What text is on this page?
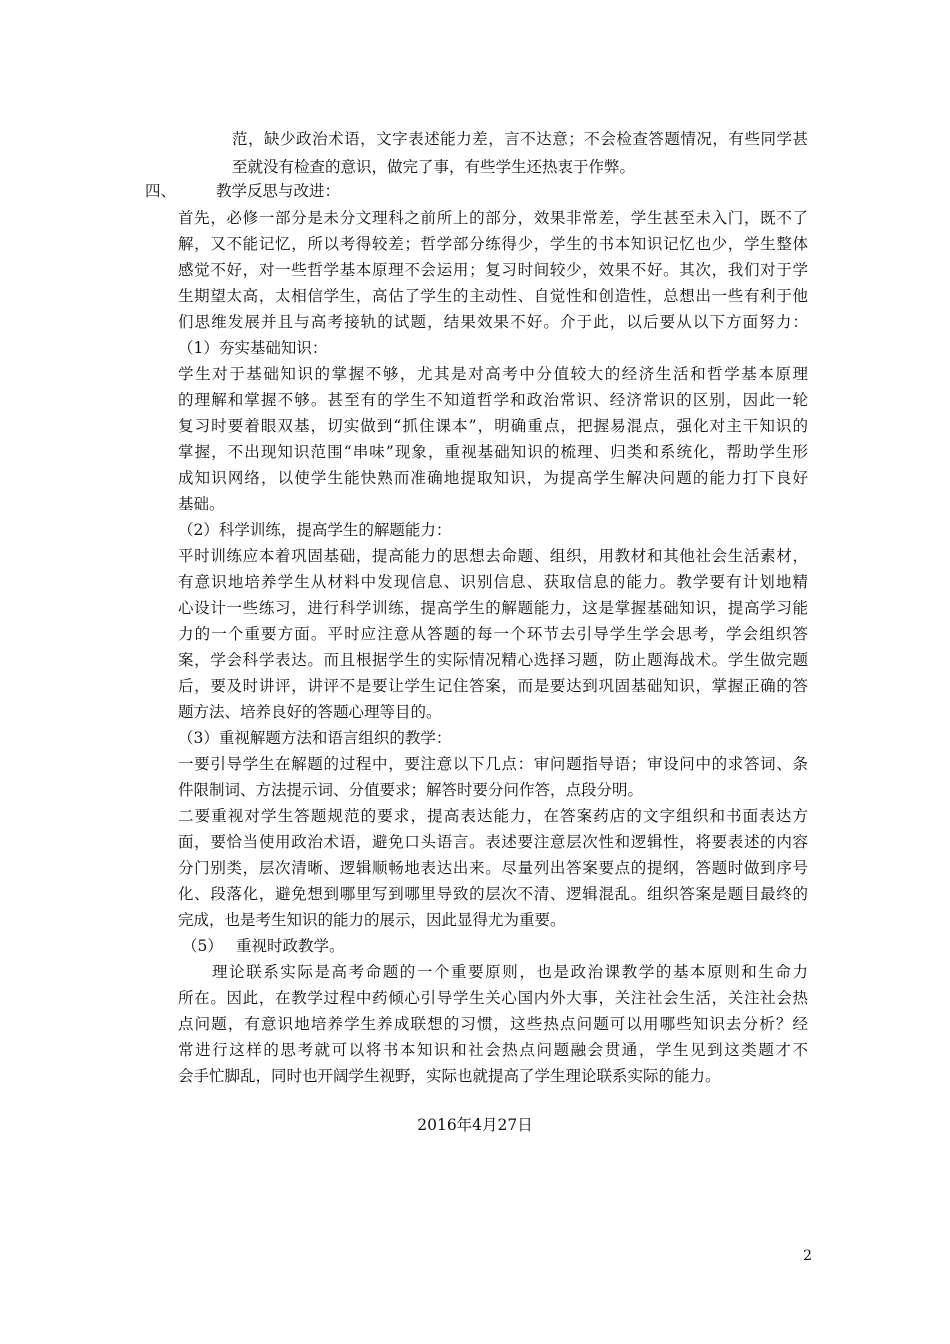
范，缺少政治术语，文字表述能力差，言不达意；不会检查答题情况，有些同学甚
至就没有检查的意识，做完了事，有些学生还热衷于作弊。
四、	教学反思与改进：
首先，必修一部分是未分文理科之前所上的部分，效果非常差，学生甚至未入门，既不了
解，又不能记忆，所以考得较差；哲学部分练得少，学生的书本知识记忆也少，学生整体
感觉不好，对一些哲学基本原理不会运用；复习时间较少，效果不好。其次，我们对于学
生期望太高，太相信学生，高估了学生的主动性、自觉性和创造性，总想出一些有利于他
们思维发展并且与高考接轨的试题，结果效果不好。介于此，以后要从以下方面努力：
（1）夯实基础知识：
学生对于基础知识的掌握不够，尤其是对高考中分值较大的经济生活和哲学基本原理
的理解和掌握不够。甚至有的学生不知道哲学和政治常识、经济常识的区别，因此一轮
复习时要着眼双基，切实做到“抓住课本”，明确重点，把握易混点，强化对主干知识的
掌握，不出现知识范围“串味”现象，重视基础知识的梳理、归类和系统化，帮助学生形
成知识网络，以使学生能快熟而准确地提取知识，为提高学生解决问题的能力打下良好
基础。
（2）科学训练，提高学生的解题能力：
平时训练应本着巩固基础，提高能力的思想去命题、组织，用教材和其他社会生活素材，
有意识地培养学生从材料中发现信息、识别信息、获取信息的能力。教学要有计划地精
心设计一些练习，进行科学训练，提高学生的解题能力，这是掌握基础知识，提高学习能
力的一个重要方面。平时应注意从答题的每一个环节去引导学生学会思考，学会组织答
案，学会科学表达。而且根据学生的实际情况精心选择习题，防止题海战术。学生做完题
后，要及时讲评，讲评不是要让学生记住答案，而是要达到巩固基础知识，掌握正确的答
题方法、培养良好的答题心理等目的。
（3）重视解题方法和语言组织的教学：
一要引导学生在解题的过程中，要注意以下几点：审问题指导语；审设问中的求答词、条
件限制词、方法提示词、分值要求；解答时要分问作答，点段分明。
二要重视对学生答题规范的要求，提高表达能力，在答案药店的文字组织和书面表达方
面，要恰当使用政治术语，避免口头语言。表述要注意层次性和逻辑性，将要表述的内容
分门别类，层次清晰、逻辑顺畅地表达出来。尽量列出答案要点的提纲，答题时做到序号
化、段落化，避免想到哪里写到哪里导致的层次不清、逻辑混乱。组织答案是题目最终的
完成，也是考生知识的能力的展示，因此显得尤为重要。
（5） 重视时政教学。
理论联系实际是高考命题的一个重要原则，也是政治课教学的基本原则和生命力
所在。因此，在教学过程中药倾心引导学生关心国内外大事，关注社会生活，关注社会热
点问题，有意识地培养学生养成联想的习惯，这些热点问题可以用哪些知识去分析？经
常进行这样的思考就可以将书本知识和社会热点问题融会贯通，学生见到这类题才不
会手忙脚乱，同时也开阔学生视野，实际也就提高了学生理论联系实际的能力。
2016年4月27日
2
